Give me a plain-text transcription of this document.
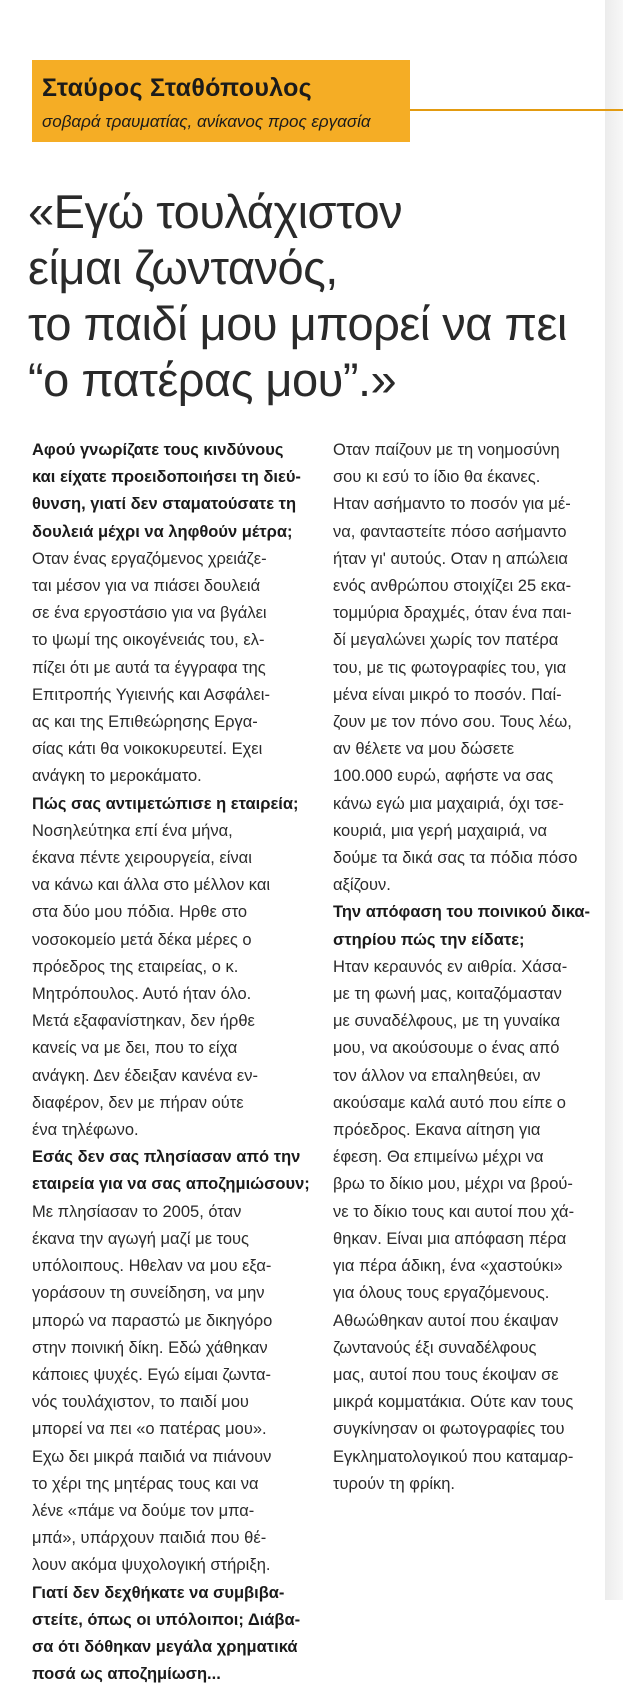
Σταύρος Σταθόπουλος
σοβαρά τραυματίας, ανίκανος προς εργασία
«Εγώ τουλάχιστον
είμαι ζωντανός,
το παιδί μου μπορεί να πει
“ο πατέρας μου”.»

Αφού γνωρίζατε τους κινδύνους

και είχατε προειδοποιήσει τη διεύ-

θυνση, γιατί δεν σταματούσατε τη

δουλειά μέχρι να ληφθούν μέτρα;

Οταν ένας εργαζόμενος χρειάζε-

ται μέσον για να πιάσει δουλειά

σε ένα εργοστάσιο για να βγάλει

το ψωμί της οικογένειάς του, ελ-

πίζει ότι με αυτά τα έγγραφα της

Επιτροπής Υγιεινής και Ασφάλει-

ας και της Επιθεώρησης Εργα-

σίας κάτι θα νοικοκυρευτεί. Εχει

ανάγκη το μεροκάματο.

Πώς σας αντιμετώπισε η εταιρεία;

Νοσηλεύτηκα επί ένα μήνα,

έκανα πέντε χειρουργεία, είναι

να κάνω και άλλα στο μέλλον και

στα δύο μου πόδια. Ηρθε στο

νοσοκομείο μετά δέκα μέρες ο

πρόεδρος της εταιρείας, ο κ.

Μητρόπουλος. Αυτό ήταν όλο.

Μετά εξαφανίστηκαν, δεν ήρθε

κανείς να με δει, που το είχα

ανάγκη. Δεν έδειξαν κανένα εν-

διαφέρον, δεν με πήραν ούτε

ένα τηλέφωνο.

Εσάς δεν σας πλησίασαν από την

εταιρεία για να σας αποζημιώσουν;

Με πλησίασαν το 2005, όταν

έκανα την αγωγή μαζί με τους

υπόλοιπους. Ηθελαν να μου εξα-

γοράσουν τη συνείδηση, να μην

μπορώ να παραστώ με δικηγόρο

στην ποινική δίκη. Εδώ χάθηκαν

κάποιες ψυχές. Εγώ είμαι ζωντα-

νός τουλάχιστον, το παιδί μου

μπορεί να πει «ο πατέρας μου».

Εχω δει μικρά παιδιά να πιάνουν

το χέρι της μητέρας τους και να

λένε «πάμε να δούμε τον μπα-

μπά», υπάρχουν παιδιά που θέ-

λουν ακόμα ψυχολογική στήριξη.

Γιατί δεν δεχθήκατε να συμβιβα-

στείτε, όπως οι υπόλοιποι; Διάβα-

σα ότι δόθηκαν μεγάλα χρηματικά

ποσά ως αποζημίωση...

Οταν παίζουν με τη νοημοσύνη

σου κι εσύ το ίδιο θα έκανες.

Ηταν ασήμαντο το ποσόν για μέ-

να, φανταστείτε πόσο ασήμαντο

ήταν γι' αυτούς. Οταν η απώλεια

ενός ανθρώπου στοιχίζει 25 εκα-

τομμύρια δραχμές, όταν ένα παι-

δί μεγαλώνει χωρίς τον πατέρα

του, με τις φωτογραφίες του, για

μένα είναι μικρό το ποσόν. Παί-

ζουν με τον πόνο σου. Τους λέω,

αν θέλετε να μου δώσετε

100.000 ευρώ, αφήστε να σας

κάνω εγώ μια μαχαιριά, όχι τσε-

κουριά, μια γερή μαχαιριά, να

δούμε τα δικά σας τα πόδια πόσο

αξίζουν.

Την απόφαση του ποινικού δικα-

στηρίου πώς την είδατε;

Ηταν κεραυνός εν αιθρία. Χάσα-

με τη φωνή μας, κοιταζόμασταν

με συναδέλφους, με τη γυναίκα

μου, να ακούσουμε ο ένας από

τον άλλον να επαληθεύει, αν

ακούσαμε καλά αυτό που είπε ο

πρόεδρος. Εκανα αίτηση για

έφεση. Θα επιμείνω μέχρι να

βρω το δίκιο μου, μέχρι να βρού-

νε το δίκιο τους και αυτοί που χά-

θηκαν. Είναι μια απόφαση πέρα

για πέρα άδικη, ένα «χαστούκι»

για όλους τους εργαζόμενους.

Αθωώθηκαν αυτοί που έκαψαν

ζωντανούς έξι συναδέλφους

μας, αυτοί που τους έκοψαν σε

μικρά κομματάκια. Ούτε καν τους

συγκίνησαν οι φωτογραφίες του

Εγκληματολογικού που καταμαρ-

τυρούν τη φρίκη.
